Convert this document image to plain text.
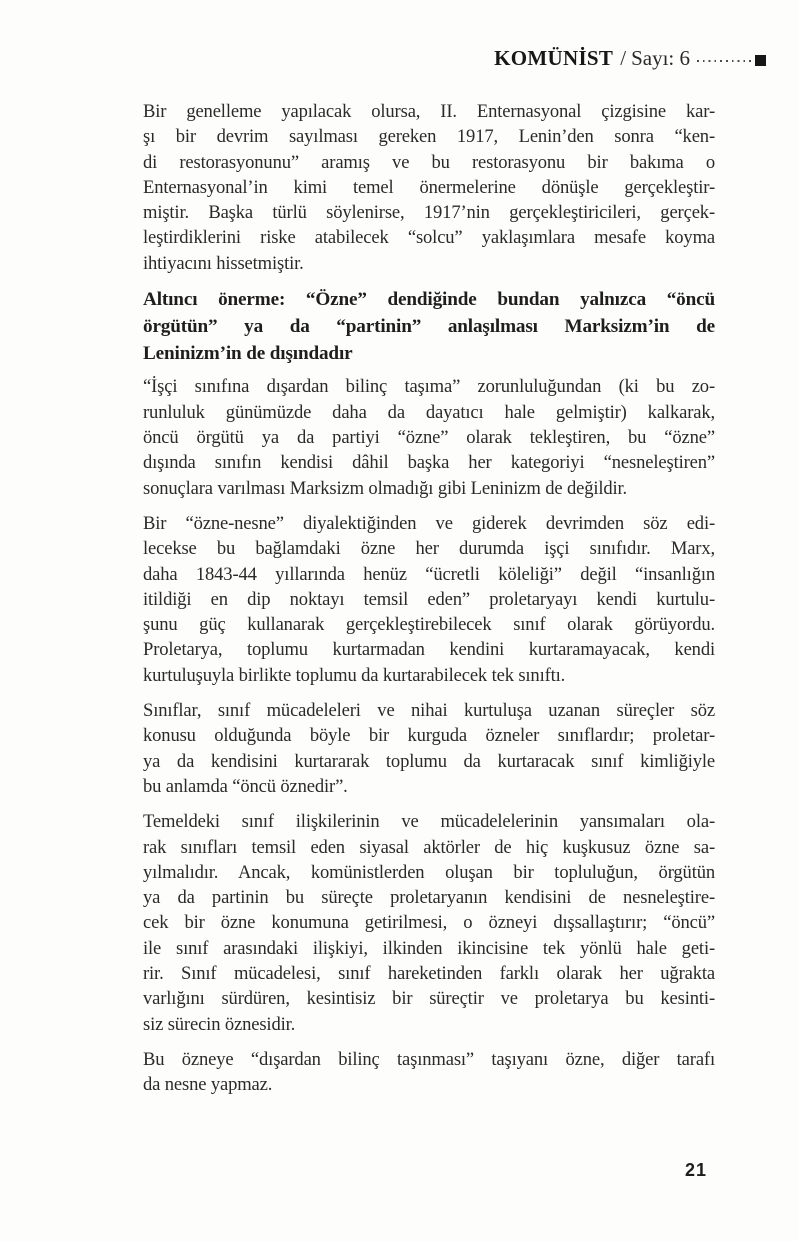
KOMÜNİST / Sayı: 6
Bir genelleme yapılacak olursa, II. Enternasyonal çizgisine kar-
şı bir devrim sayılması gereken 1917, Lenin’den sonra “ken-
di restorasyonunu” aramış ve bu restorasyonu bir bakıma o
Enternasyonal’in kimi temel önermelerine dönüşle gerçekleştir-
miştir. Başka türlü söylenirse, 1917’nin gerçekleştiricileri, gerçek-
leştirdiklerini riske atabilecek “solcu” yaklaşımlara mesafe koyma
ihtiyacını hissetmiştir.
Altıncı önerme: “Özne” dendiğinde bundan yalnızca “öncü
örgütün” ya da “partinin” anlaşılması Marksizm’in de
Leninizm’in de dışındadır
“İşçi sınıfına dışardan bilinç taşıma” zorunluluğundan (ki bu zo-
runluluk günümüzde daha da dayatıcı hale gelmiştir) kalkarak,
öncü örgütü ya da partiyi “özne” olarak tekleştiren, bu “özne”
dışında sınıfın kendisi dâhil başka her kategoriyi “nesneleştiren”
sonuçlara varılması Marksizm olmadığı gibi Leninizm de değildir.
Bir “özne-nesne” diyalektiğinden ve giderek devrimden söz edi-
lecekse bu bağlamdaki özne her durumda işçi sınıfıdır. Marx,
daha 1843-44 yıllarında henüz “ücretli köleliği” değil “insanlığın
itildiği en dip noktayı temsil eden” proletaryayı kendi kurtulu-
şunu güç kullanarak gerçekleştirebilecek sınıf olarak görüyordu.
Proletarya, toplumu kurtarmadan kendini kurtaramayacak, kendi
kurtuluşuyla birlikte toplumu da kurtarabilecek tek sınıftı.
Sınıflar, sınıf mücadeleleri ve nihai kurtuluşa uzanan süreçler söz
konusu olduğunda böyle bir kurguda özneler sınıflardır; proletar-
ya da kendisini kurtararak toplumu da kurtaracak sınıf kimliğiyle
bu anlamda “öncü öznedir”.
Temeldeki sınıf ilişkilerinin ve mücadelelerinin yansımaları ola-
rak sınıfları temsil eden siyasal aktörler de hiç kuşkusuz özne sa-
yılmalıdır. Ancak, komünistlerden oluşan bir topluluğun, örgütün
ya da partinin bu süreçte proletaryanın kendisini de nesneleştire-
cek bir özne konumuna getirilmesi, o özneyi dışsallaştırır; “öncü”
ile sınıf arasındaki ilişkiyi, ilkinden ikincisine tek yönlü hale geti-
rir. Sınıf mücadelesi, sınıf hareketinden farklı olarak her uğrakta
varlığını sürdüren, kesintisiz bir süreçtir ve proletarya bu kesinti-
siz sürecin öznesidir.
Bu özneye “dışardan bilinç taşınması” taşıyanı özne, diğer tarafı
da nesne yapmaz.
21
